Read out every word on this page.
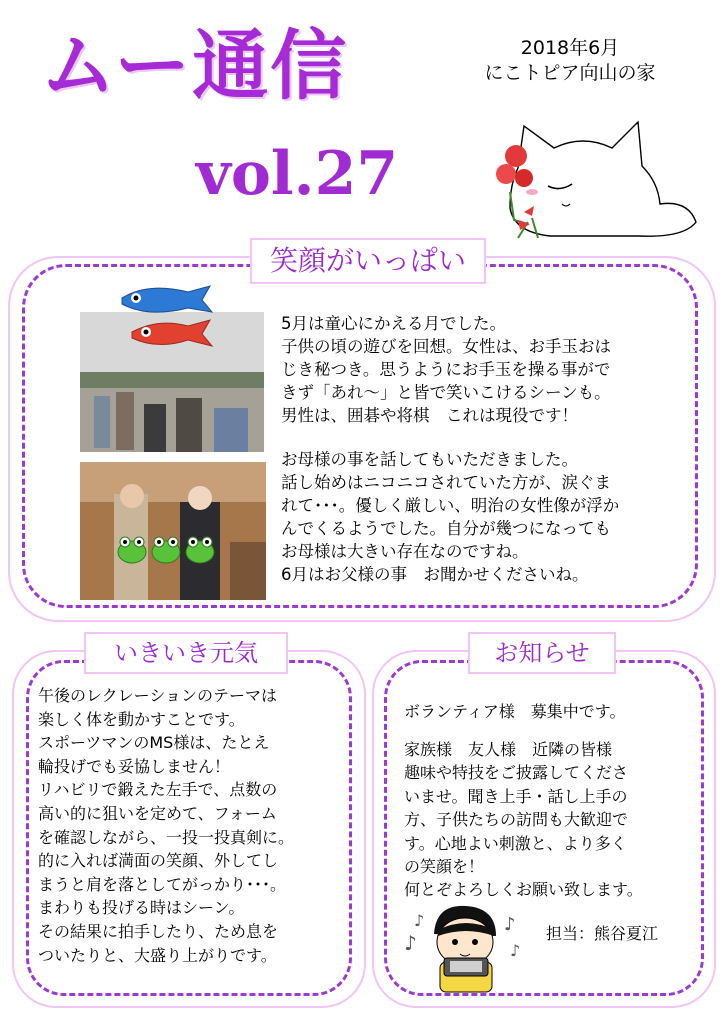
ムー通信
vol.27
2018年6月
にこトピア向山の家
笑顔がいっぱい
5月は童心にかえる月でした。
子供の頃の遊びを回想。女性は、お手玉おは
じき秘つき。思うようにお手玉を操る事がで
きず「あれ～」と皆で笑いこけるシーンも。
男性は、囲碁や将棋　これは現役です！
お母様の事を話してもいただきました。
話し始めはニコニコされていた方が、涙ぐま
れて･･･。優しく厳しい、明治の女性像が浮か
んでくるようでした。自分が幾つになっても
お母様は大きい存在なのですね。
6月はお父様の事　お聞かせくださいね。
いきいき元気
午後のレクレーションのテーマは
楽しく体を動かすことです。
スポーツマンのMS様は、たとえ
輪投げでも妥協しません！
リハビリで鍛えた左手で、点数の
高い的に狙いを定めて、フォーム
を確認しながら、一投一投真剣に。
的に入れば満面の笑顔、外してし
まうと肩を落としてがっかり･･･。
まわりも投げる時はシーン。
その結果に拍手したり、ため息を
ついたりと、大盛り上がりです。
お知らせ
ボランティア様　募集中です。
家族様　友人様　近隣の皆様
趣味や特技をご披露してくださ
いませ。聞き上手・話し上手の
方、子供たちの訪問も大歓迎で
す。心地よい刺激と、より多く
の笑顔を！
何とぞよろしくお願い致します。
担当：熊谷夏江
♪
♪	♪
♪
